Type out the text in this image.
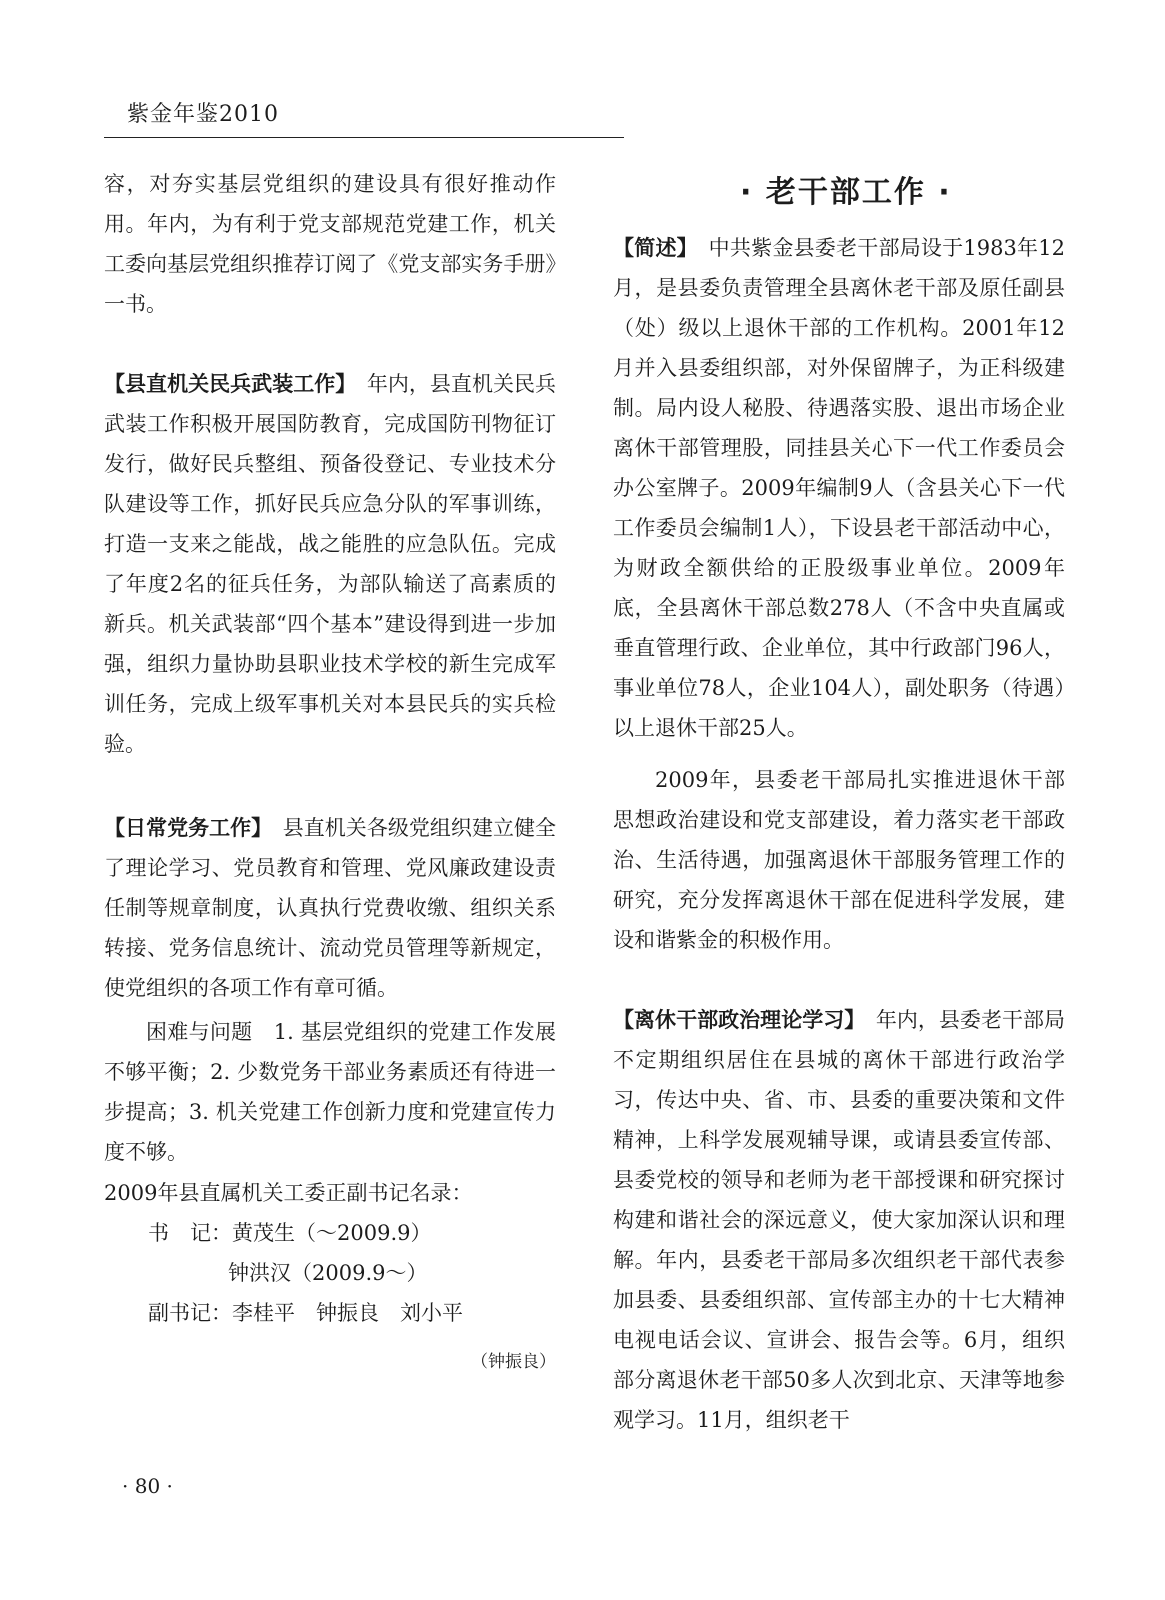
紫金年鉴2010
容，对夯实基层党组织的建设具有很好推动作用。年内，为有利于党支部规范党建工作，机关工委向基层党组织推荐订阅了《党支部实务手册》一书。
【县直机关民兵武装工作】　 年内，县直机关民兵武装工作积极开展国防教育，完成国防刊物征订发行，做好民兵整组、预备役登记、专业技术分队建设等工作，抓好民兵应急分队的军事训练，打造一支来之能战，战之能胜的应急队伍。完成了年度2名的征兵任务，为部队输送了高素质的新兵。机关武装部“四个基本”建设得到进一步加强，组织力量协助县职业技术学校的新生完成军训任务，完成上级军事机关对本县民兵的实兵检验。
【日常党务工作】　 县直机关各级党组织建立健全了理论学习、党员教育和管理、党风廉政建设责任制等规章制度，认真执行党费收缴、组织关系转接、党务信息统计、流动党员管理等新规定，使党组织的各项工作有章可循。
困难与问题　 1. 基层党组织的党建工作发展不够平衡；2. 少数党务干部业务素质还有待进一步提高；3. 机关党建工作创新力度和党建宣传力度不够。
2009年县直属机关工委正副书记名录：
书　记：黄茂生（～2009.9）
钟洪汉（2009.9～）
副书记：李桂平　钟振良　刘小平
（钟振良）
· 80 ·
· 老干部工作 ·
【简述】　 中共紫金县委老干部局设于1983年12月，是县委负责管理全县离休老干部及原任副县（处）级以上退休干部的工作机构。2001年12月并入县委组织部，对外保留牌子，为正科级建制。局内设人秘股、待遇落实股、退出市场企业离休干部管理股，同挂县关心下一代工作委员会办公室牌子。2009年编制9人（含县关心下一代工作委员会编制1人），下设县老干部活动中心，为财政全额供给的正股级事业单位。2009年底，全县离休干部总数278人（不含中央直属或垂直管理行政、企业单位，其中行政部门96人，事业单位78人，企业104人），副处职务（待遇）以上退休干部25人。
2009年，县委老干部局扎实推进退休干部思想政治建设和党支部建设，着力落实老干部政治、生活待遇，加强离退休干部服务管理工作的研究，充分发挥离退休干部在促进科学发展，建设和谐紫金的积极作用。
【离休干部政治理论学习】　 年内，县委老干部局不定期组织居住在县城的离休干部进行政治学习，传达中央、省、市、县委的重要决策和文件精神，上科学发展观辅导课，或请县委宣传部、县委党校的领导和老师为老干部授课和研究探讨构建和谐社会的深远意义，使大家加深认识和理解。年内，县委老干部局多次组织老干部代表参加县委、县委组织部、宣传部主办的十七大精神电视电话会议、宣讲会、报告会等。6月，组织部分离退休老干部50多人次到北京、天津等地参观学习。11月，组织老干
